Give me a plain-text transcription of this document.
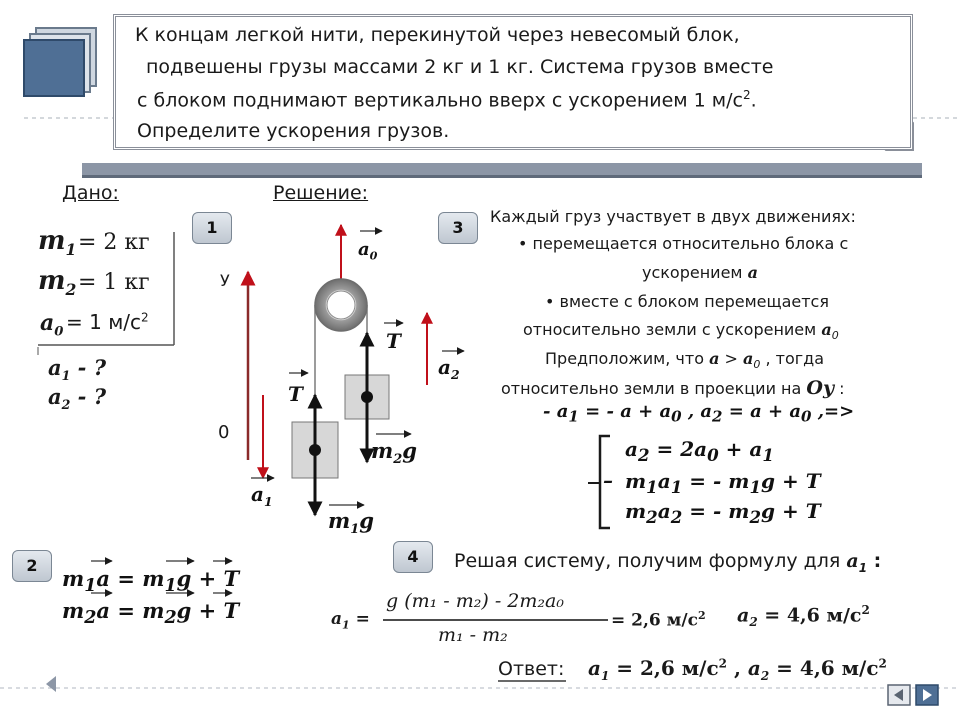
К концам легкой нити, перекинутой через невесомый блок,
подвешены грузы массами 2 кг и 1 кг. Система грузов вместе
с блоком поднимают вертикально вверх с ускорением 1 $м/с^2$.
Определите ускорения грузов.
Дано:	Решение:
$m_1 = 2$ кг
$m_2 = 1$ кг
$a_0 = 1$ $м/с^2$
$a_1$ - ?
$a_2$ - ?
1	3
2	4
У
0
$a_0$
T
T
$a_2$
$a_1$
$m_2g$
$m_1g$
Каждый груз участвует в двух движениях:
• перемещается относительно блока с
ускорением a
• вместе с блоком перемещается
относительно земли с ускорением $a_0$
Предположим, что $a > a_0$ , тогда
относительно земли в проекции на Oy :
- $a_1$ = - $a + a_0$ , $a_2 = a + a_0$ ,=>
$a_2 = 2a_0 + a_1$
– $m_1a_1$ = - $m_1g + T$
$m_2a_2$ = - $m_2g + T$
$m_1a = m_1g + T$
$m_2a = m_2g + T$
Решая систему, получим формулу для $a_1$ :
$a_1$ =
g (m₁ - m₂) - 2m₂a₀
m₁ - m₂
= 2,6 $м/с^2$ $a_2 = 4,6$ $м/с^2$
Ответ: $a_1 = 2,6$ $м/с^2$ , $a_2 = 4,6$ $м/с^2$
